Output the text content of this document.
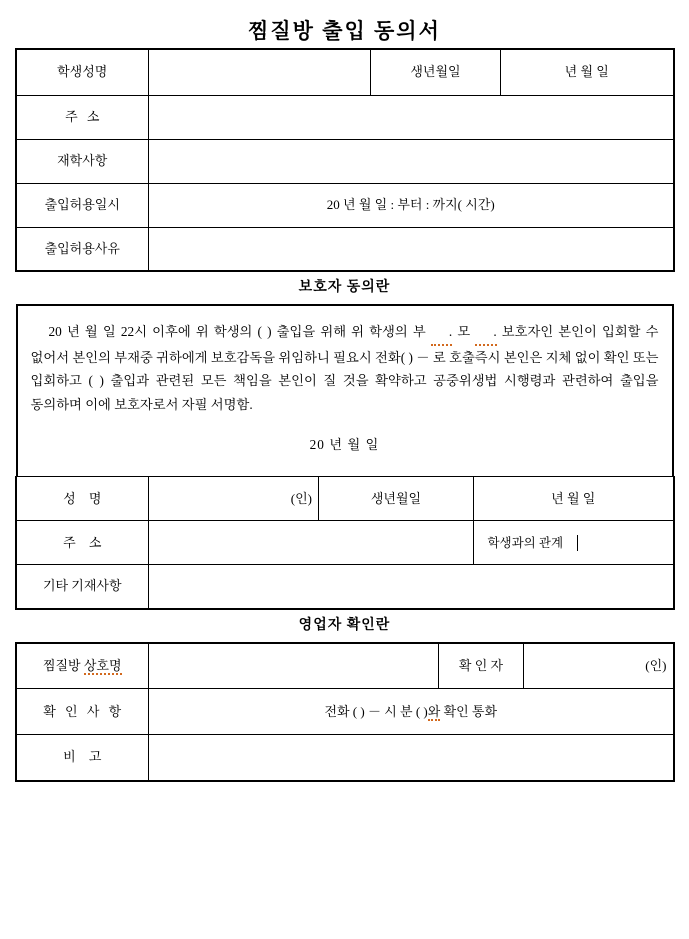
찜질방 출입 동의서
학생성명		생년월일	년 월 일
주 소			
재학사항			
출입허용일시	20 년 월 일 : 부터 : 까지( 시간)		
출입허용사유			
보호자 동의란

20 년 월 일 22시 이후에 위 학생의 ( ) 출입을 위해 위 학생의 부 . 모 . 보호자인 본인이 입회할 수 없어서 본인의 부재중 귀하에게 보호감독을 위임하니 필요시 전화( ) － 로 호출즉시 본인은 지체 없이 확인 또는 입회하고 ( ) 출입과 관련된 모든 책임을 본인이 질 것을 확약하고 공중위생법 시행령과 관련하여 출입을 동의하며 이에 보호자로서 자필 서명함.

20 년 월 일
성 명	(인)	생년월일	년 월 일
주 소			학생과의 관계	

기타 기재사항	
영업자 확인란
찜질방 상호명		확 인 자	(인)
확 인 사 항	전화 ( ) － 시 분 ( )와 확인 통화		
비 고			
